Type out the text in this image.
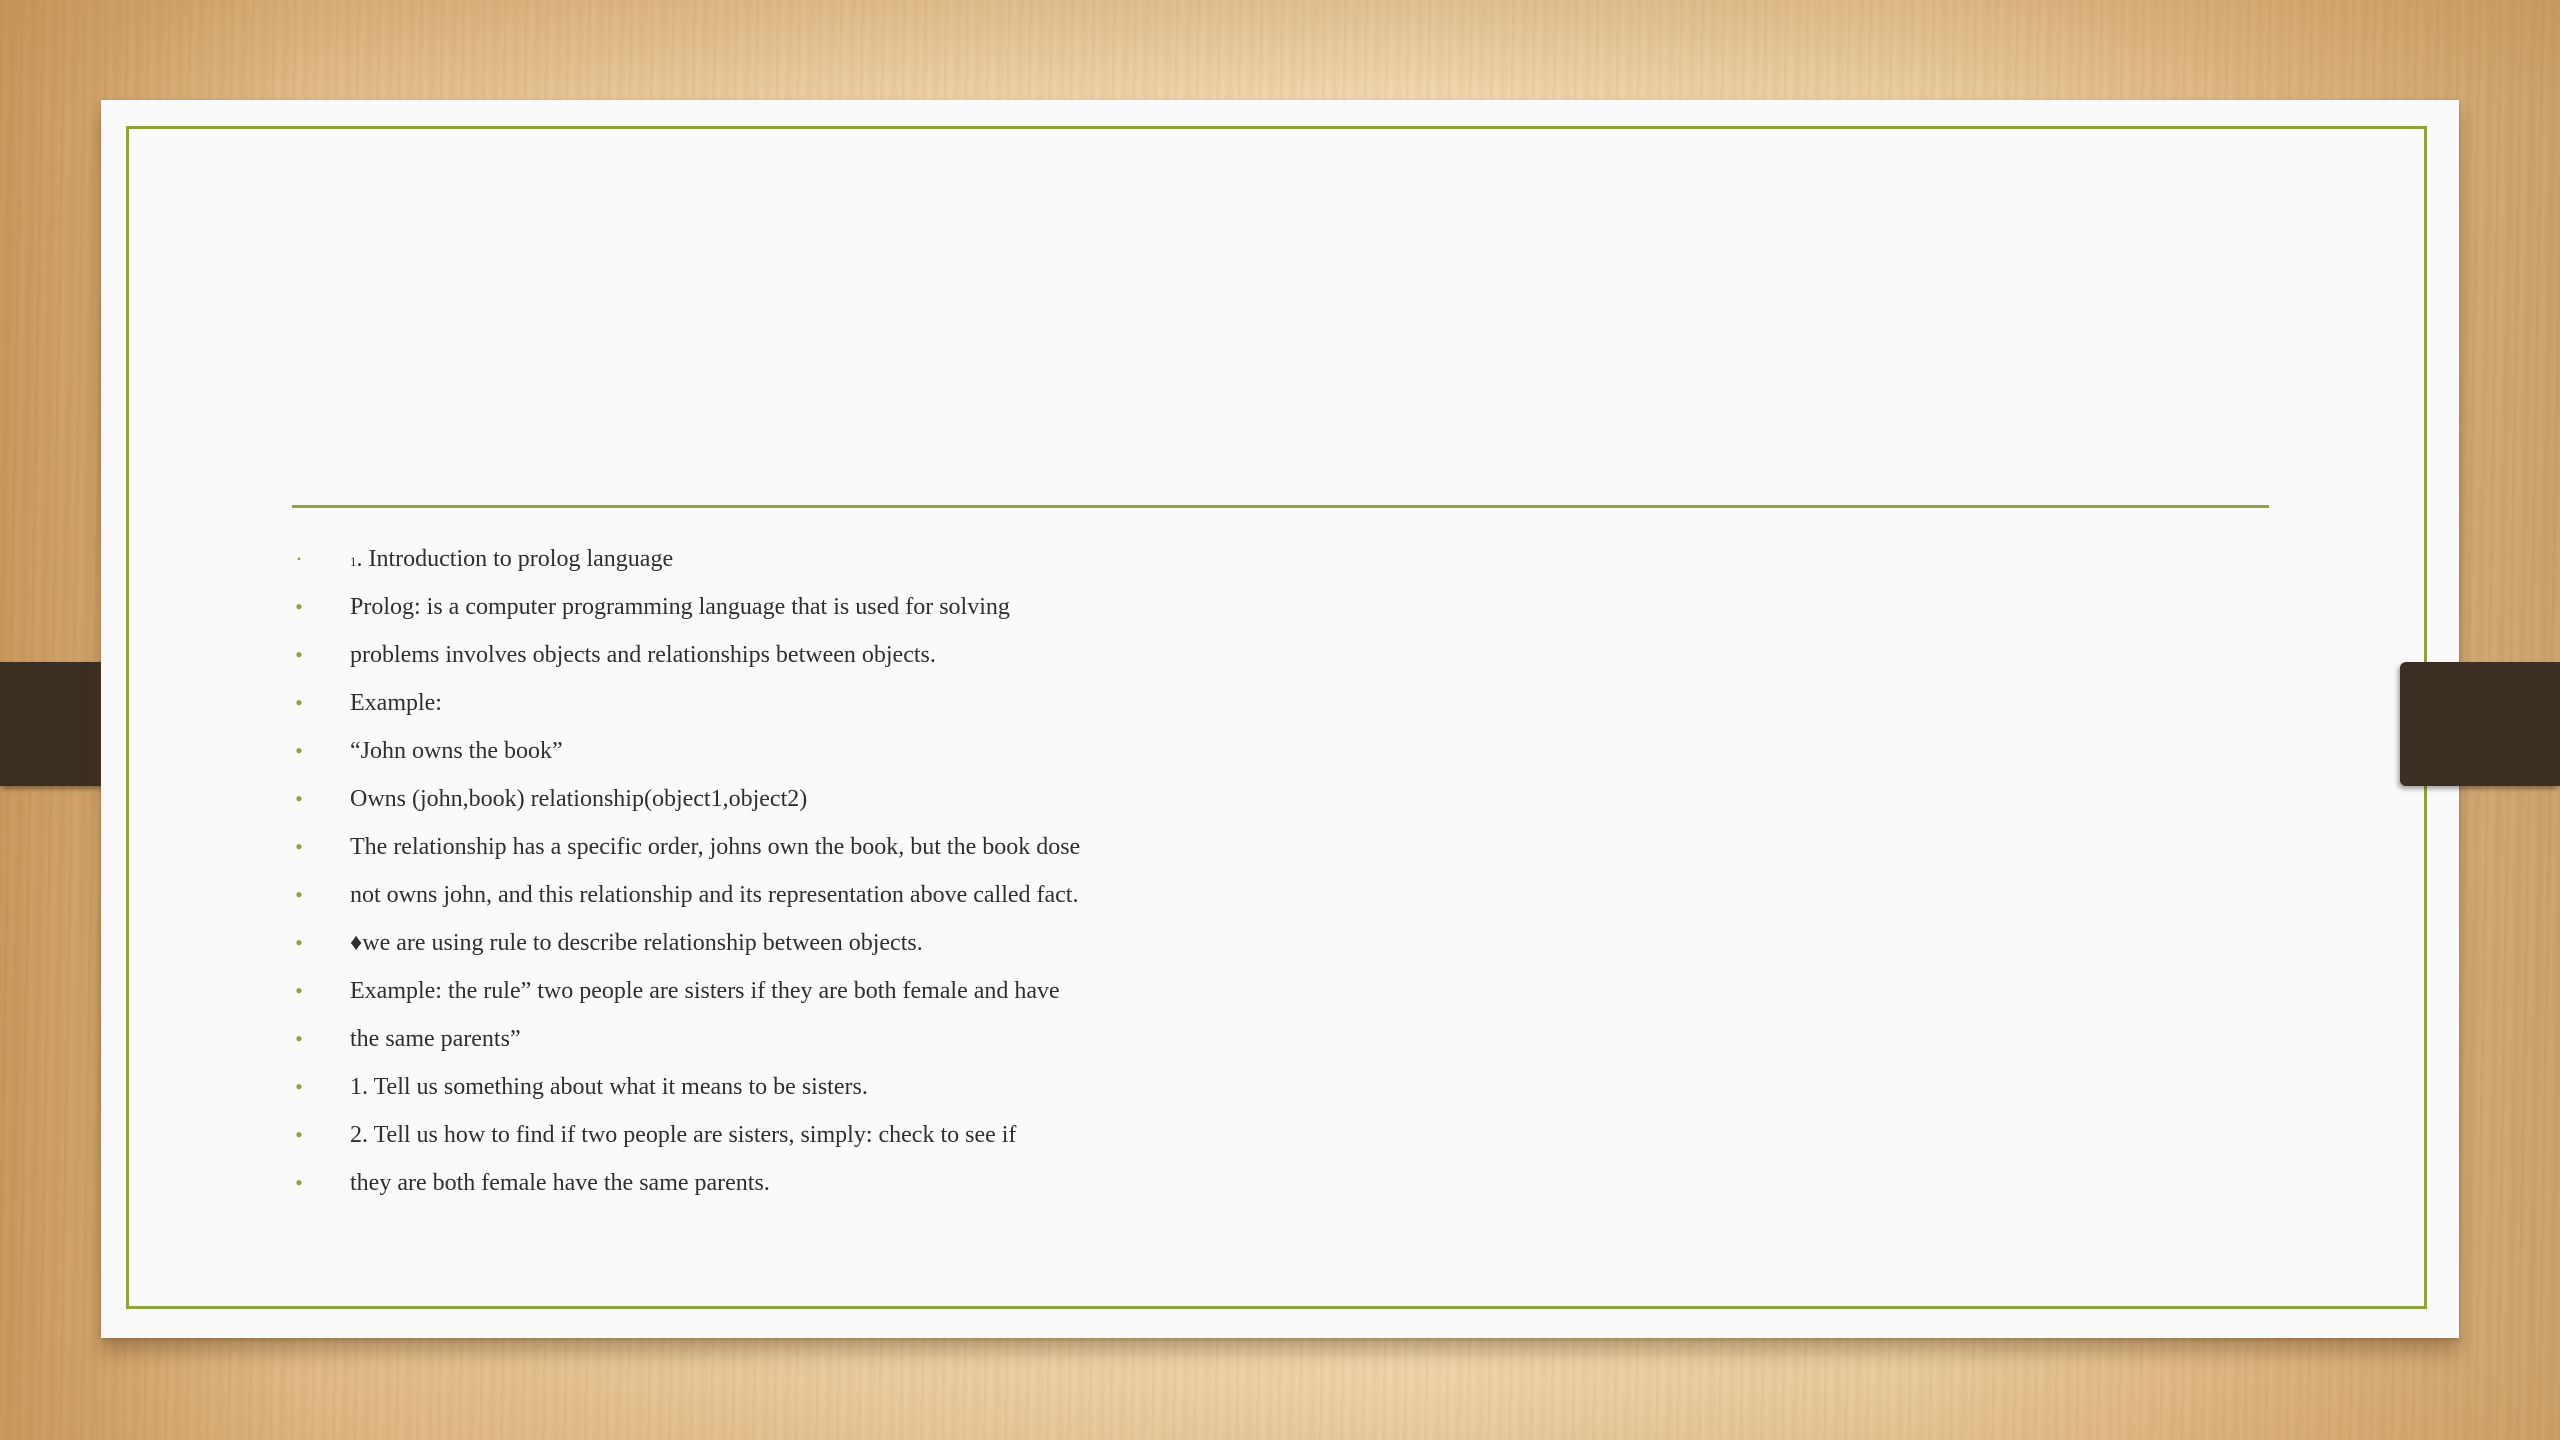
•	1. Introduction to prolog language
• Prolog: is a computer programming language that is used for solving
• problems involves objects and relationships between objects.
• Example:
• “John owns the book”
• Owns (john,book) relationship(object1,object2)
• The relationship has a specific order, johns own the book, but the book dose
• not owns john, and this relationship and its representation above called fact.
• ♦we are using rule to describe relationship between objects.
• Example: the rule” two people are sisters if they are both female and have
• the same parents”
• 1. Tell us something about what it means to be sisters.
• 2. Tell us how to find if two people are sisters, simply: check to see if
• they are both female have the same parents.
